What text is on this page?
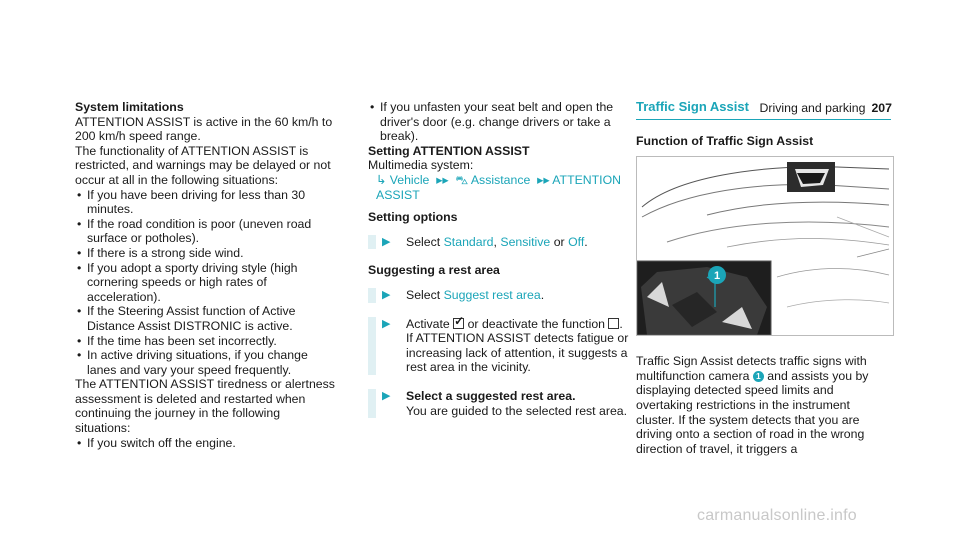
Driving and parking 207
System limitations

ATTENTION ASSIST is active in the 60 km/h to 200 km/h speed range.

The functionality of ATTENTION ASSIST is restricted, and warnings may be delayed or not occur at all in the following situations:

• If you have been driving for less than 30 minutes.
• If the road condition is poor (uneven road surface or potholes).
• If there is a strong side wind.
• If you adopt a sporty driving style (high cornering speeds or high rates of acceleration).
• If the Steering Assist function of Active Distance Assist DISTRONIC is active.
• If the time has been set incorrectly.
• In active driving situations, if you change lanes and vary your speed frequently.

The ATTENTION ASSIST tiredness or alertness assessment is deleted and restarted when continuing the journey in the following situations:

• If you switch off the engine.
• If you unfasten your seat belt and open the driver's door (e.g. change drivers or take a break).
Setting ATTENTION ASSIST
Multimedia system:
↳ Vehicle  ▸▸  ⛍ Assistance  ▸▸ ATTENTION ASSIST
Setting options
▶ Select Standard, Sensitive or Off.
Suggesting a rest area
▶ Select Suggest rest area.
▶ Activate ✓ or deactivate the function .
If ATTENTION ASSIST detects fatigue or increasing lack of attention, it suggests a rest area in the vicinity.
▶ Select a suggested rest area.
You are guided to the selected rest area.
Traffic Sign Assist
Function of Traffic Sign Assist
1
Traffic Sign Assist detects traffic signs with multifunction camera 1 and assists you by displaying detected speed limits and overtaking restrictions in the instrument cluster. If the system detects that you are driving onto a section of road in the wrong direction of travel, it triggers a
carmanualsonline.info
